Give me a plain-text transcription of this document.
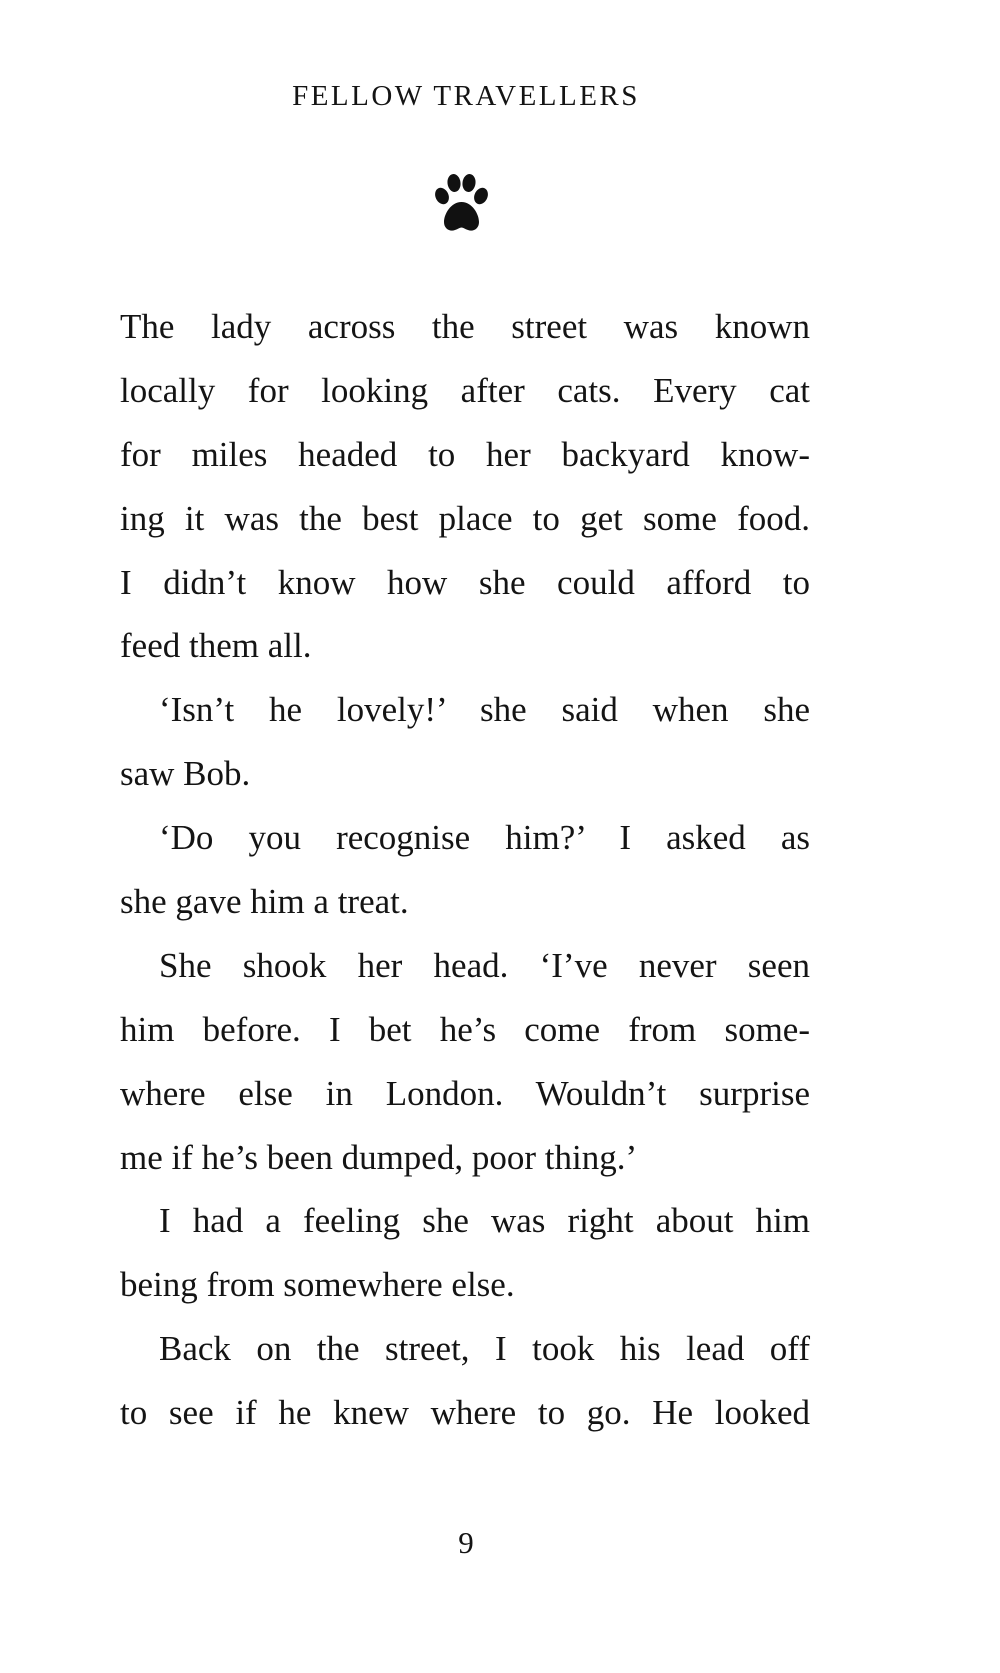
FELLOW TRAVELLERS
The lady across the street was known
locally for looking after cats. Every cat
for miles headed to her backyard know-
ing it was the best place to get some food.
I didn’t know how she could afford to
feed them all.
‘Isn’t he lovely!’ she said when she
saw Bob.
‘Do you recognise him?’ I asked as
she gave him a treat.
She shook her head. ‘I’ve never seen
him before. I bet he’s come from some-
where else in London. Wouldn’t surprise
me if he’s been dumped, poor thing.’
I had a feeling she was right about him
being from somewhere else.
Back on the street, I took his lead off
to see if he knew where to go. He looked
9
